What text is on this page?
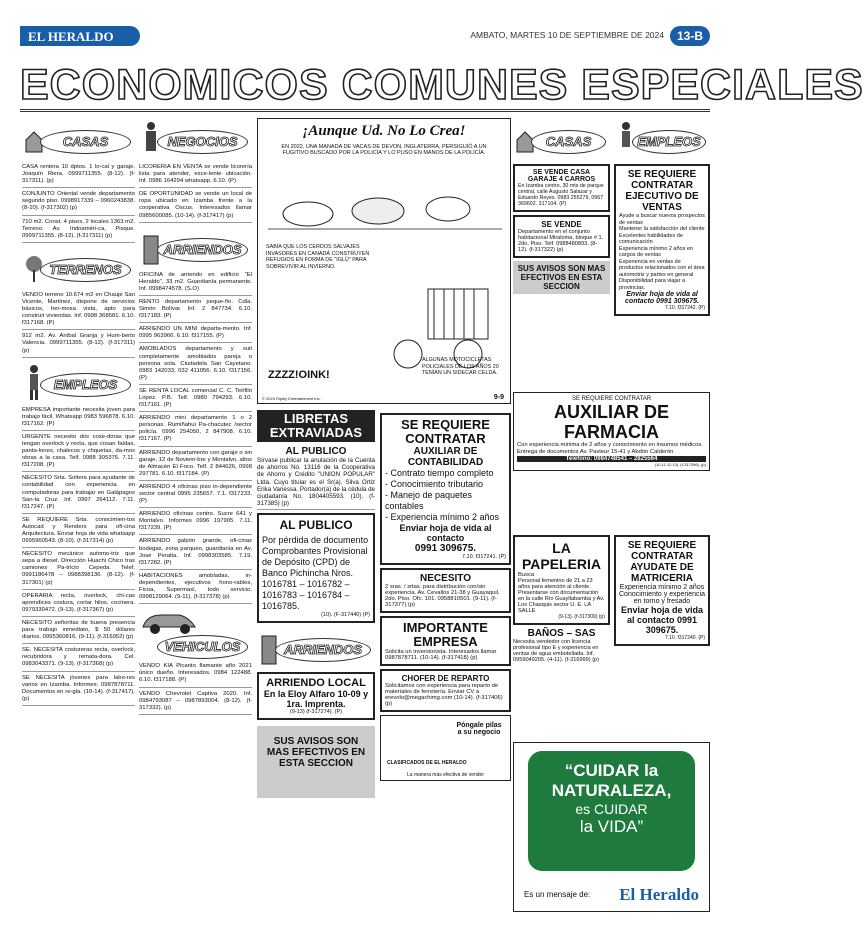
EL HERALDO	AMBATO, MARTES 10 DE SEPTIEMBRE DE 2024	13-B
ECONOMICOS COMUNES ESPECIALES
CASAS
CASA rentera 10 dptos. 1 lo-cal y garaje. Joaquín Riera. 0999711355. (8-12). (f-317311). (p)
CONJUNTO Oriental vende departamento segundo piso. 0998917339 – 0960243838. (8-10). (f-317302) (p)
710 m2. Const. 4 pisos, 2 locales 1363 m2. Terreno. Av. Indoaméri-ca, Pisque. 0999711355. (8-12). (f-317311) (p)
TERRENOS
VENDO terreno 10.674 m2 en Chaupi San Vicente, Martínez, dispone de servicios básicos, her-mosa vista, apto para construir viviendas. Inf. 0998 368581. 6.10. f317168. (P)
912 m2. Av. Aníbal Granja y Hum-berto Valencia. 0999711355. (8-12). (f-317311) (p)
EMPLEOS
EMPRESA importante necesita joven para trabajo fácil. Whatsapp 0983 596878. 6.10. f317162. (P)
URGENTE necesito dos cose-doras que tengan overlock y recta, que cosan faldas, panta-lones, chalecos y chquetas, da-mos obras a la casa. Telf. 0988 305375. 7.11. f317208. (P)
NECESITO Srta. Soltera para ayudante de contabilidad con experiencia en computadoras para trabajar en Galápagos San-ta Cruz. Inf. 0997 264112. 7.11. f317247. (P)
SE REQUIERE Srta. conocimien-tos Autocad y Renders para ofi-cina Arquitectura. Enviar hoja de vida whatsapp 0995960543. (8-10). (f-317314) (p)
NECESITO mecánico automo-triz que sepa a diesel. Dirección Huachi Chico tras camiones Pa-tricio Cepeda. Telef. 0991186478 – 0988398136. (8-12). (f-317301) (p)
OPERARIA recta, overlock, chi-cas aprendices costura, cortar hilos, cocinera. 0979330472. (9-13). (f-317367) (p)
NECESITO señoritas de buena presencia para trabajo inmediato, $ 50 dólares diarios. 0995360816. (9-11). (f-316952) (p)
SE. NECESITA costureras recta, overlock, recubridora y remata-dora. Cel. 0983043371. (9-13). (f-317368) (p)
SE NECESITA jóvenes para labo-res varios en Izamba. Informes: 0987878711. Documentos en re-gla. (10-14). (f-317417). (p)
NEGOCIOS
LICORERIA EN VENTA se vende licorería lista para atender, exce-lente ubicación. Inf. 0986 164294 whatsapp. 6.10. (P)
DE OPORTUNIDAD se vende un local de ropa ubicado en Izamba frente a la cooperativa Oscus. Interesados llamar 0985600085. (10-14). (f-317417) (p)
ARRIENDOS
OFICINA de arriendo en edificio "El Heraldo", 33 m2. Guardianía permanente. Inf. 0998474578. (S.O)
RENTO departamento peque-ño. Cdla. Simón Bolívar. Inf. 2 847734. 6.10. f317183. (P)
ARRIENDO UN MINI departa-mento. Inf. 0995 963966. 6.10. f317155. (P)
AMOBLADOS departamento y suit completamente amoblados pareja o persona sola. Ciudadela San Cayetano. 0983 142033, 032 411056. 6.10. f317156. (P)
SE RENTA LOCAL comercial C. C. Teófilo López. P.B. Telf. 0980 794293. 6.10. f317161. (P)
ARRIENDO mini departamento 1 o 2 personas. Rumiñahui Pa-chacutec /sector policía. 0996 254050, 2 847908. 6.10. f317167. (P)
ARRIENDO departamento con garaje o sin garaje, 12 de Noviem-bre y Montalvo, altos de Almacén El Foco. Telf. 2 844626, 0998 297781. 6.10. f317184. (P)
ARRIENDO 4 oficinas piso in-dependiente sector central 0995 235657. 7.1. f317233. (P)
ARRIENDO oficinas centro. Sucre 641 y Montalvo. Informes 0996 197905. 7.11. f317239. (P)
ARRIENDO galpón grande, ofi-cinas bodegas, zona parqueo, guardianía en Av. José Peralta. Inf. 0998303585. 7.19. f317282. (P)
HABITACIONES amobladas, in-dependientes, ejecutivos hono-rables, Ficoa, Supermaxi, todo servicio. 0998129064. (9-11). (f-317378) (p)
VEHICULOS
VENDO KIA Picanto flamante año 2021 único dueño. Interesados. 0984 122488. 6.10. f317188. (P)
VENDO Chevrolet Captiva 2020. Inf. 0984793087 – 0987893004. (8-12). (f-317332). (p)
¡Aunque Ud. No Lo Crea!
EN 2022, UNA MANADA DE VACAS DE DEVON, INGLATERRA, PERSIGUIÓ A UN FUGITIVO BUSCADO POR LA POLICÍA Y LO PUSO EN MANOS DE LA POLICÍA.
SABÍA QUE LOS CERDOS SALVAJES INVASORES EN CANADÁ CONSTRUYEN REFUGIOS EN FORMA DE "IGLÚ" PARA SOBREVIVIR AL INVIERNO.
ZZZZ!OINK!
ALGUNAS MOTOCICLETAS POLICIALES DE LOS AÑOS 20 TENÍAN UN SIDECAR CELDA.
© 2024 Ripley Entertainment Inc.	9-9
LIBRETAS EXTRAVIADAS
AL PUBLICO
Sírvase publicar la anulación de la Cuenta de ahorros No. 13116 de la Cooperativa de Ahorro y Crédito "UNION POPULAR" Ltda. Cuyo titular es el Sr(a). Silva Ortiz Erika Vanessa. Portador(a) de la cédula de ciudadanía No. 1804405593. (10). (f-317385) (p)
AL PUBLICO
Por pérdida de documento Comprobantes Provisional de Depósito (CPD) de Banco Pichincha Nros. 1016781 – 1016782 – 1016783 – 1016784 – 1016785.
(10). (F-317440) (P)
ARRIENDOS
ARRIENDO LOCAL
En la Eloy Alfaro 10-09 y 1ra. Imprenta.
(9-13) (f-317274). (P)
SUS AVISOS SON MAS EFECTIVOS EN ESTA SECCION
SE REQUIERE CONTRATAR
AUXILIAR DE CONTABILIDAD
- Contrato tiempo completo
- Conocimiento tributario
- Manejo de paquetes contables
- Experiencia mínimo 2 años
Enviar hoja de vida al contacto
0991 309675.
7.10. f317241. (P)
NECESITO
2 sras. / srtas. para distribución con/sin experiencia. Av. Cevallos 21-38 y Guayaquil. 2do. Piso. Ofc. 101. 0958810501. (9-11). (f-317377) (p)
IMPORTANTE EMPRESA
Solicita un inversionista. Interesados llamar 0987878711. (10-14). (f-317418) (p)
CHOFER DE REPARTO
Solicitamos con experiencia para reparto de materiales de ferretería. Enviar CV a erevolo@megachimg.com (10-14). (f-317406) (p)
Póngale pilas a su negocio
CLASIFICADOS DE EL HERALDO
La manera más efectiva de vender
CASAS
SE VENDE CASA GARAJE 4 CARROS
En Izamba centro, 30 mts de parque central, calle Augusto Salazar y Eduardo Reyes. 0983 255279, 0967 369602. 317104. (P)
SE VENDE
Departamento en el conjunto habitacional Miraloma, bloque # 1. 2do. Piso. Telf. 0988480893. (8-12). (f-317322) (p)
SUS AVISOS SON MAS EFECTIVOS EN ESTA SECCION
EMPLEOS
SE REQUIERE CONTRATAR EJECUTIVO DE VENTAS
Ayude a buscar nuevos prospectos de ventas
Mantener la satisfacción del cliente
Excelentes habilidades de comunicación
Experiencia mínimo 2 años en cargos de ventas
Experiencia en ventas de productos relacionados con el área automotriz y partes en general
Disponibilidad para viajar a provincias.
Enviar hoja de vida al contacto 0991 309675.
7.10. f317242. (P)
SE REQUIERE CONTRATAR
AUXILIAR DE FARMACIA
Con experiencia mínima de 2 años y conocimiento en insumos médicos.
Entrega de documentos Av. Pasteur 15-41 y Abdón Calderón
Teléfono: 0984748541 – 2825564
(10.11.12.13). (f-317396). (p)
LA PAPELERIA
Busca
Personal femenino de 21 a 23 años para atención al cliente. Presentarse con documentación en la calle Río Guayllabamba y Av. Los Chasquis sector U. E. LA SALLE
(9-13). (f-317309) (p)
BAÑOS – SAS
Necesita vendedor con licencia profesional tipo E y experiencia en ventas de agua embotellada. Inf. 0959049205. (4-11). (f-316999) (p)
SE REQUIERE CONTRATAR AYUDATE DE MATRICERIA
Experiencia mínimo 2 años
Conocimiento y experiencia en torno y fresado
Enviar hoja de vida al contacto 0991 309675.
7.10. f317240. (P)
“CUIDAR la
NATURALEZA,
es CUIDAR
la VIDA”
Es un mensaje de: El Heraldo
